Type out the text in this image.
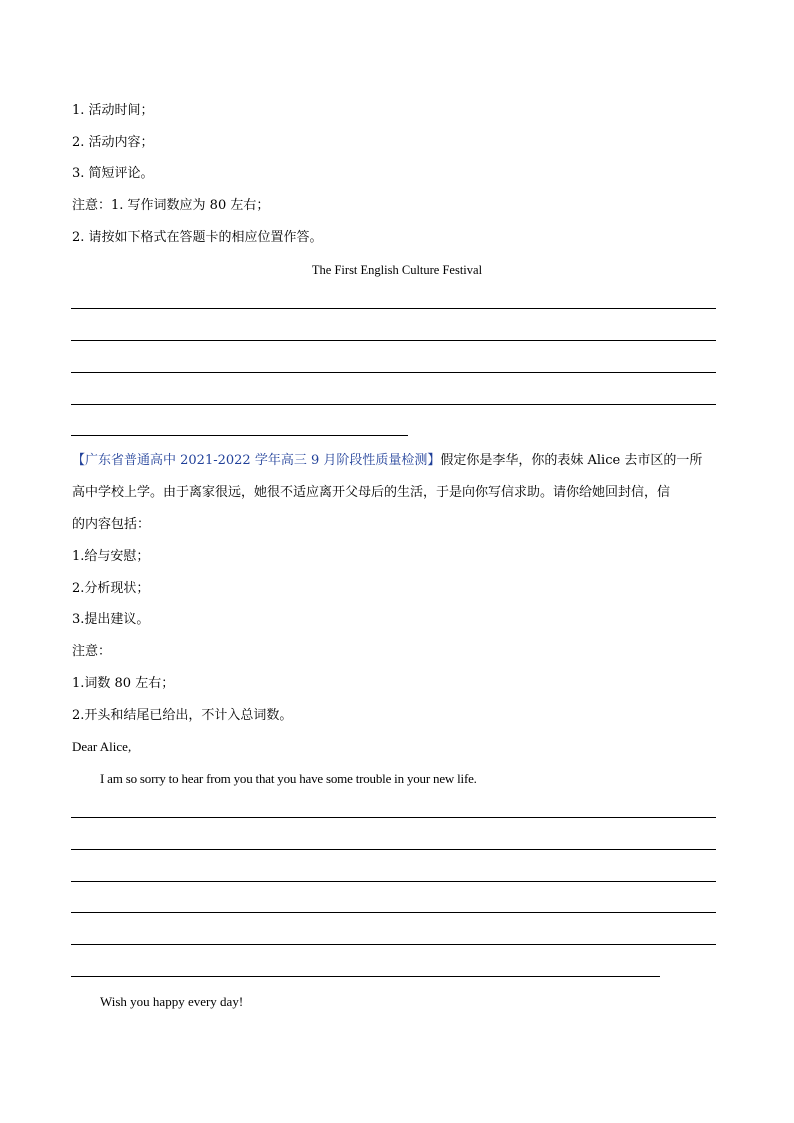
1. 活动时间；
2. 活动内容；
3. 简短评论。
注意：1. 写作词数应为 80 左右；
2. 请按如下格式在答题卡的相应位置作答。
The First English Culture Festival
【广东省普通高中 2021-2022 学年高三 9 月阶段性质量检测】假定你是李华，你的表妹 Alice 去市区的一所
高中学校上学。由于离家很远，她很不适应离开父母后的生活，于是向你写信求助。请你给她回封信，信
的内容包括：
1.给与安慰；
2.分析现状；
3.提出建议。
注意：
1.词数 80 左右；
2.开头和结尾已给出，不计入总词数。
Dear Alice,
I am so sorry to hear from you that you have some trouble in your new life.
Wish you happy every day!
